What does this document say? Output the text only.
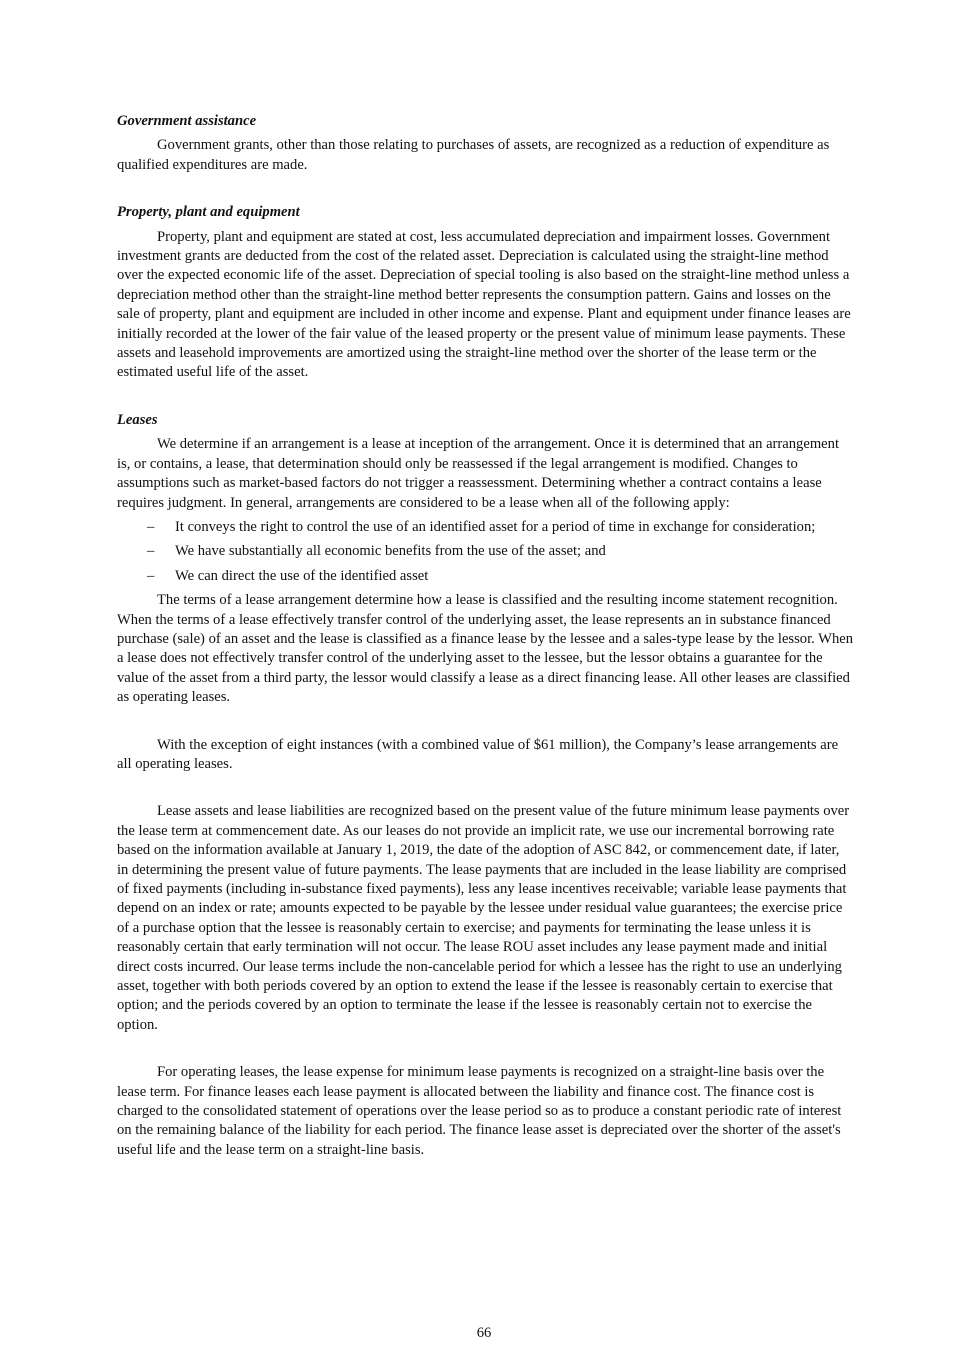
Government assistance

Government grants, other than those relating to purchases of assets, are recognized as a reduction of expenditure as qualified expenditures are made.

Property, plant and equipment

Property, plant and equipment are stated at cost, less accumulated depreciation and impairment losses. Government investment grants are deducted from the cost of the related asset. Depreciation is calculated using the straight-line method over the expected economic life of the asset. Depreciation of special tooling is also based on the straight-line method unless a depreciation method other than the straight-line method better represents the consumption pattern. Gains and losses on the sale of property, plant and equipment are included in other income and expense. Plant and equipment under finance leases are initially recorded at the lower of the fair value of the leased property or the present value of minimum lease payments. These assets and leasehold improvements are amortized using the straight-line method over the shorter of the lease term or the estimated useful life of the asset.

Leases

We determine if an arrangement is a lease at inception of the arrangement. Once it is determined that an arrangement is, or contains, a lease, that determination should only be reassessed if the legal arrangement is modified. Changes to assumptions such as market-based factors do not trigger a reassessment. Determining whether a contract contains a lease requires judgment. In general, arrangements are considered to be a lease when all of the following apply:

– It conveys the right to control the use of an identified asset for a period of time in exchange for consideration;
– We have substantially all economic benefits from the use of the asset; and
– We can direct the use of the identified asset

The terms of a lease arrangement determine how a lease is classified and the resulting income statement recognition. When the terms of a lease effectively transfer control of the underlying asset, the lease represents an in substance financed purchase (sale) of an asset and the lease is classified as a finance lease by the lessee and a sales-type lease by the lessor. When a lease does not effectively transfer control of the underlying asset to the lessee, but the lessor obtains a guarantee for the value of the asset from a third party, the lessor would classify a lease as a direct financing lease. All other leases are classified as operating leases.

With the exception of eight instances (with a combined value of $61 million), the Company’s lease arrangements are all operating leases.

Lease assets and lease liabilities are recognized based on the present value of the future minimum lease payments over the lease term at commencement date. As our leases do not provide an implicit rate, we use our incremental borrowing rate based on the information available at January 1, 2019, the date of the adoption of ASC 842, or commencement date, if later, in determining the present value of future payments. The lease payments that are included in the lease liability are comprised of fixed payments (including in-substance fixed payments), less any lease incentives receivable; variable lease payments that depend on an index or rate; amounts expected to be payable by the lessee under residual value guarantees; the exercise price of a purchase option that the lessee is reasonably certain to exercise; and payments for terminating the lease unless it is reasonably certain that early termination will not occur. The lease ROU asset includes any lease payment made and initial direct costs incurred. Our lease terms include the non-cancelable period for which a lessee has the right to use an underlying asset, together with both periods covered by an option to extend the lease if the lessee is reasonably certain to exercise that option; and the periods covered by an option to terminate the lease if the lessee is reasonably certain not to exercise the option.

For operating leases, the lease expense for minimum lease payments is recognized on a straight-line basis over the lease term. For finance leases each lease payment is allocated between the liability and finance cost. The finance cost is charged to the consolidated statement of operations over the lease period so as to produce a constant periodic rate of interest on the remaining balance of the liability for each period. The finance lease asset is depreciated over the shorter of the asset's useful life and the lease term on a straight-line basis.

66
